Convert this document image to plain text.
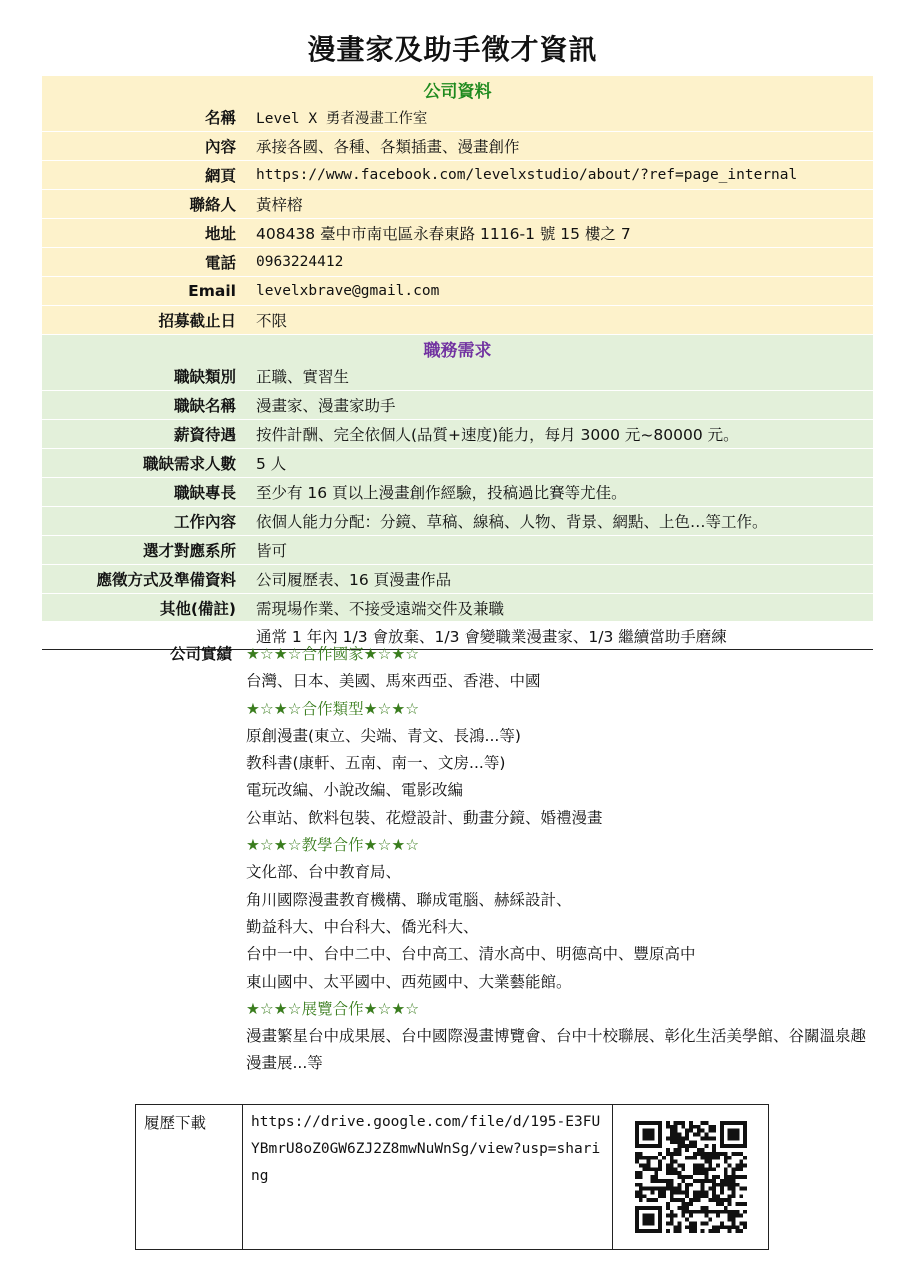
漫畫家及助手徵才資訊
公司資料	
名稱	Level X 勇者漫畫工作室
內容	承接各國、各種、各類插畫、漫畫創作
網頁	https://www.facebook.com/levelxstudio/about/?ref=page_internal
聯絡人	黃梓榕
地址	408438 臺中市南屯區永春東路 1116-1 號 15 樓之 7
電話	0963224412
Email	levelxbrave@gmail.com
招募截止日	不限
職務需求	
職缺類別	正職、實習生
職缺名稱	漫畫家、漫畫家助手
薪資待遇	按件計酬、完全依個人(品質+速度)能力，每月 3000 元~80000 元。
職缺需求人數	5 人
職缺專長	至少有 16 頁以上漫畫創作經驗，投稿過比賽等尤佳。
工作內容	依個人能力分配：分鏡、草稿、線稿、人物、背景、網點、上色…等工作。
選才對應系所	皆可
應徵方式及準備資料	公司履歷表、16 頁漫畫作品
其他(備註)	需現場作業、不接受遠端交件及兼職
	通常 1 年內 1/3 會放棄、1/3 會變職業漫畫家、1/3 繼續當助手磨練
公司實績 ★☆★☆合作國家★☆★☆
台灣、日本、美國、馬來西亞、香港、中國
★☆★☆合作類型★☆★☆
原創漫畫(東立、尖端、青文、長鴻...等)
教科書(康軒、五南、南一、文房...等)
電玩改編、小說改編、電影改編
公車站、飲料包裝、花燈設計、動畫分鏡、婚禮漫畫
★☆★☆教學合作★☆★☆
文化部、台中教育局、
角川國際漫畫教育機構、聯成電腦、赫綵設計、
勤益科大、中台科大、僑光科大、
台中一中、台中二中、台中高工、清水高中、明德高中、豐原高中
東山國中、太平國中、西苑國中、大業藝能館。
★☆★☆展覽合作★☆★☆
漫畫繁星台中成果展、台中國際漫畫博覽會、台中十校聯展、彰化生活美學館、谷關溫泉趣漫畫展...等
履歷下載	https://drive.google.com/file/d/195-E3FUYBmrU8oZ0GW6ZJ2Z8mwNuWnSg/view?usp=sharing
